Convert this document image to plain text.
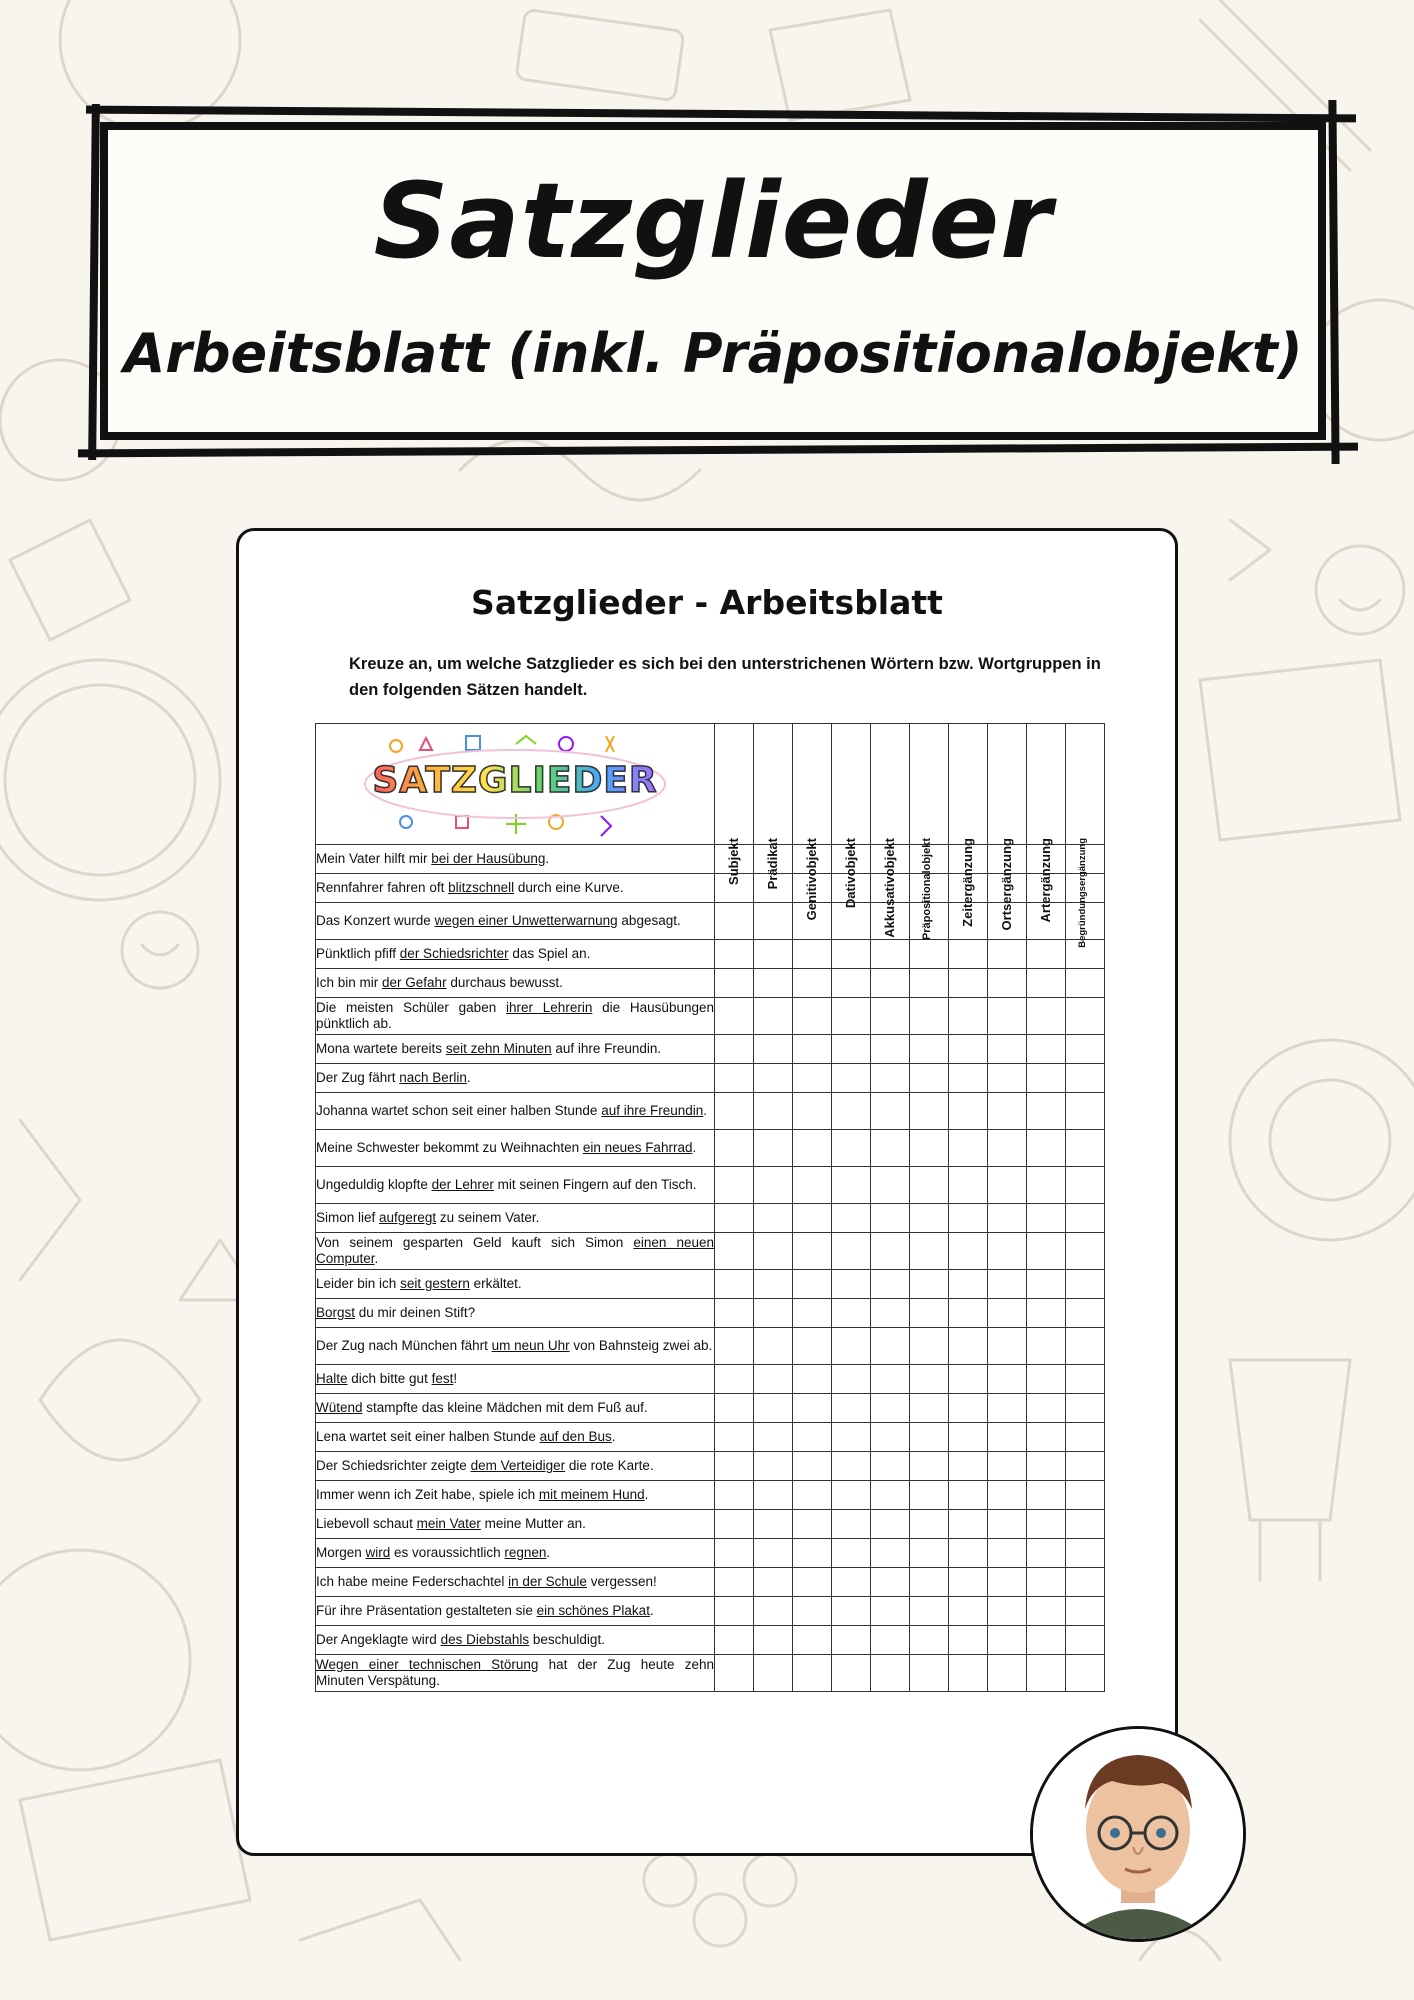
Satzglieder
Arbeitsblatt (inkl. Präpositionalobjekt)
Satzglieder - Arbeitsblatt
Kreuze an, um welche Satzglieder es sich bei den unterstrichenen Wörtern bzw. Wortgruppen in den folgenden Sätzen handelt.
SATZGLIEDER	Subjekt	Prädikat	Genitivobjekt	Dativobjekt	Akkusativobjekt	Präpositionalobjekt	Zeitergänzung	Ortsergänzung	Artergänzung	Begründungsergänzung

Mein Vater hilft mir bei der Hausübung.										
Rennfahrer fahren oft blitzschnell durch eine Kurve.										
Das Konzert wurde wegen einer Unwetterwarnung abgesagt.										
Pünktlich pfiff der Schiedsrichter das Spiel an.										
Ich bin mir der Gefahr durchaus bewusst.										
Die meisten Schüler gaben ihrer Lehrerin die Hausübungen pünktlich ab.										
Mona wartete bereits seit zehn Minuten auf ihre Freundin.										
Der Zug fährt nach Berlin.										
Johanna wartet schon seit einer halben Stunde auf ihre Freundin.										
Meine Schwester bekommt zu Weihnachten ein neues Fahrrad.										
Ungeduldig klopfte der Lehrer mit seinen Fingern auf den Tisch.										
Simon lief aufgeregt zu seinem Vater.										
Von seinem gesparten Geld kauft sich Simon einen neuen Computer.										
Leider bin ich seit gestern erkältet.										
Borgst du mir deinen Stift?										
Der Zug nach München fährt um neun Uhr von Bahnsteig zwei ab.										
Halte dich bitte gut fest!										
Wütend stampfte das kleine Mädchen mit dem Fuß auf.										
Lena wartet seit einer halben Stunde auf den Bus.										
Der Schiedsrichter zeigte dem Verteidiger die rote Karte.										
Immer wenn ich Zeit habe, spiele ich mit meinem Hund.										
Liebevoll schaut mein Vater meine Mutter an.										
Morgen wird es voraussichtlich regnen.										
Ich habe meine Federschachtel in der Schule vergessen!										
Für ihre Präsentation gestalteten sie ein schönes Plakat.										
Der Angeklagte wird des Diebstahls beschuldigt.										
Wegen einer technischen Störung hat der Zug heute zehn Minuten Verspätung.										
